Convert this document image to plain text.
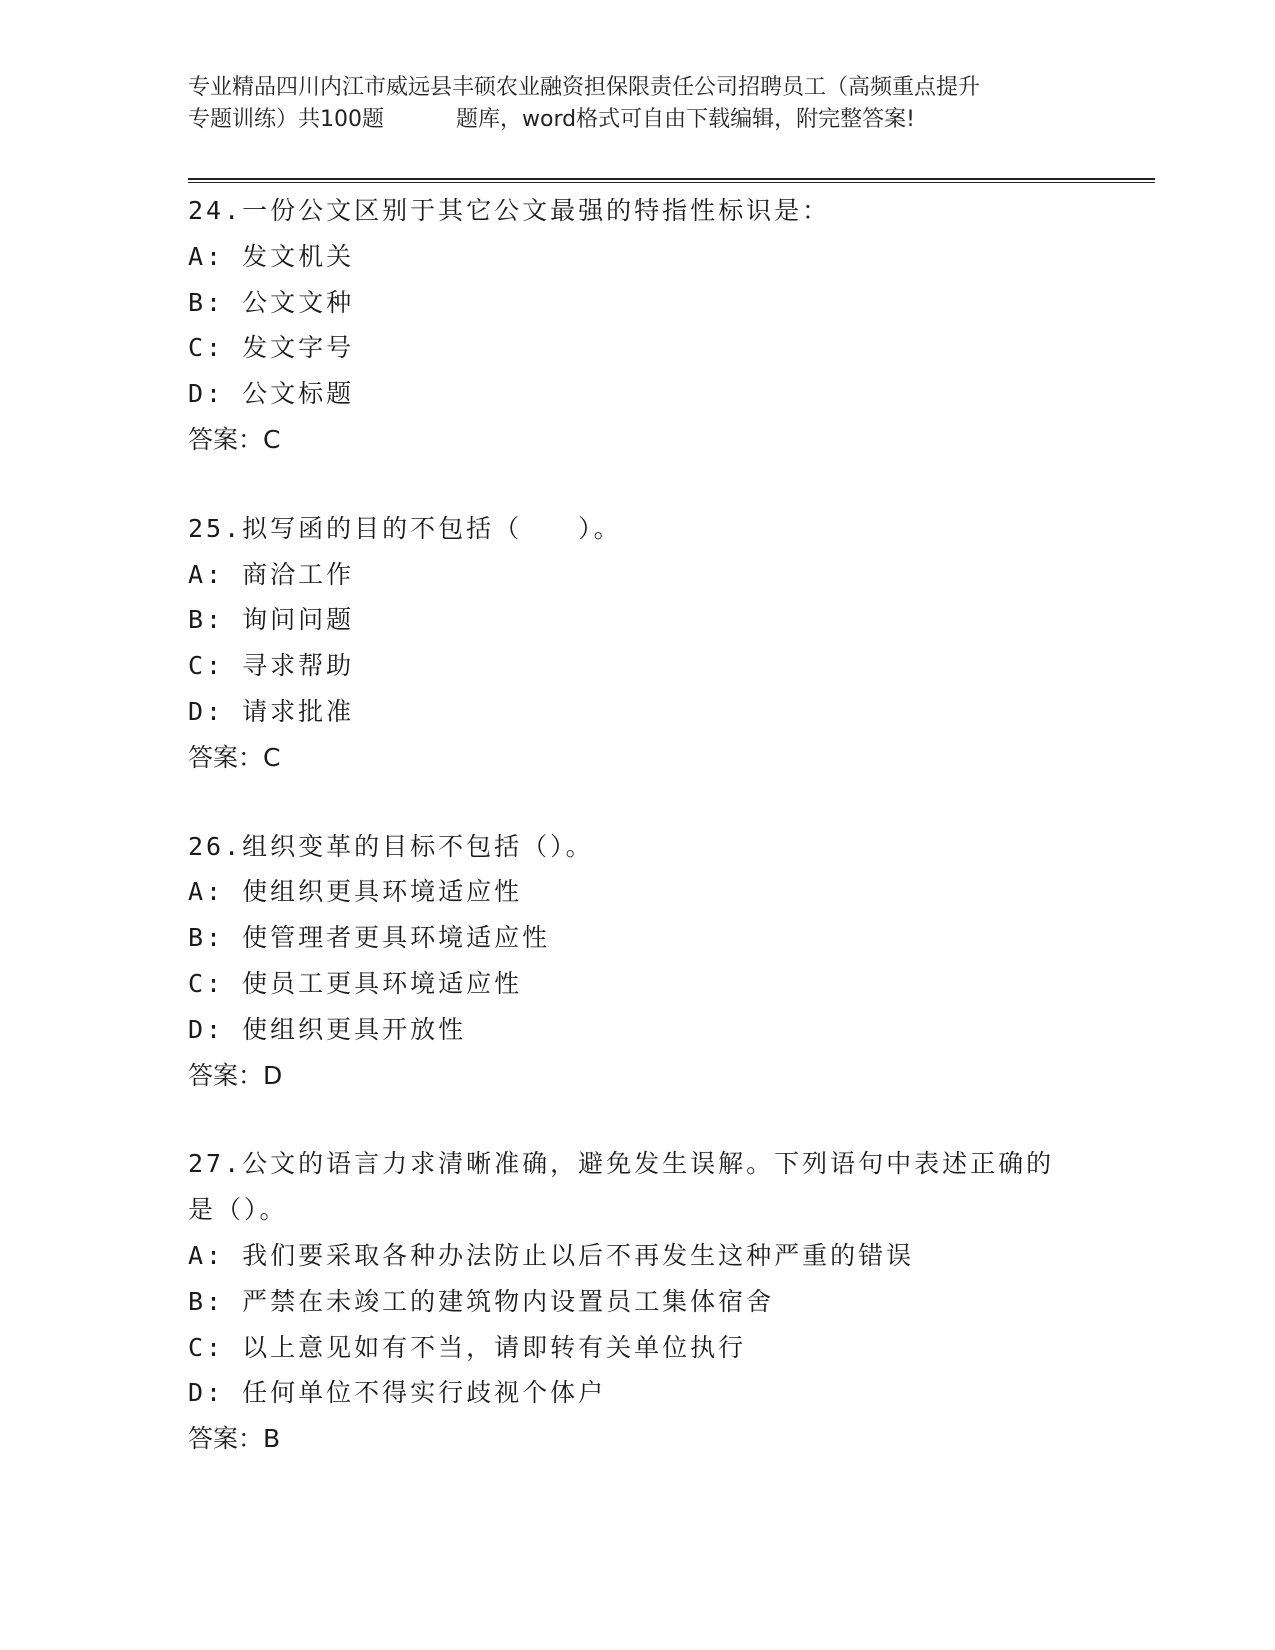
专业精品四川内江市威远县丰硕农业融资担保限责任公司招聘员工（高频重点提升
专题训练）共100题	题库，word格式可自由下载编辑，附完整答案!
24.一份公文区别于其它公文最强的特指性标识是：
A: 发文机关
B: 公文文种
C: 发文字号
D: 公文标题
答案：C
25.拟写函的目的不包括（　　）。
A: 商洽工作
B: 询问问题
C: 寻求帮助
D: 请求批准
答案：C
26.组织变革的目标不包括（）。
A: 使组织更具环境适应性
B: 使管理者更具环境适应性
C: 使员工更具环境适应性
D: 使组织更具开放性
答案：D
27.公文的语言力求清晰准确，避免发生误解。下列语句中表述正确的
是（）。
A: 我们要采取各种办法防止以后不再发生这种严重的错误
B: 严禁在未竣工的建筑物内设置员工集体宿舍
C: 以上意见如有不当，请即转有关单位执行
D: 任何单位不得实行歧视个体户
答案：B
